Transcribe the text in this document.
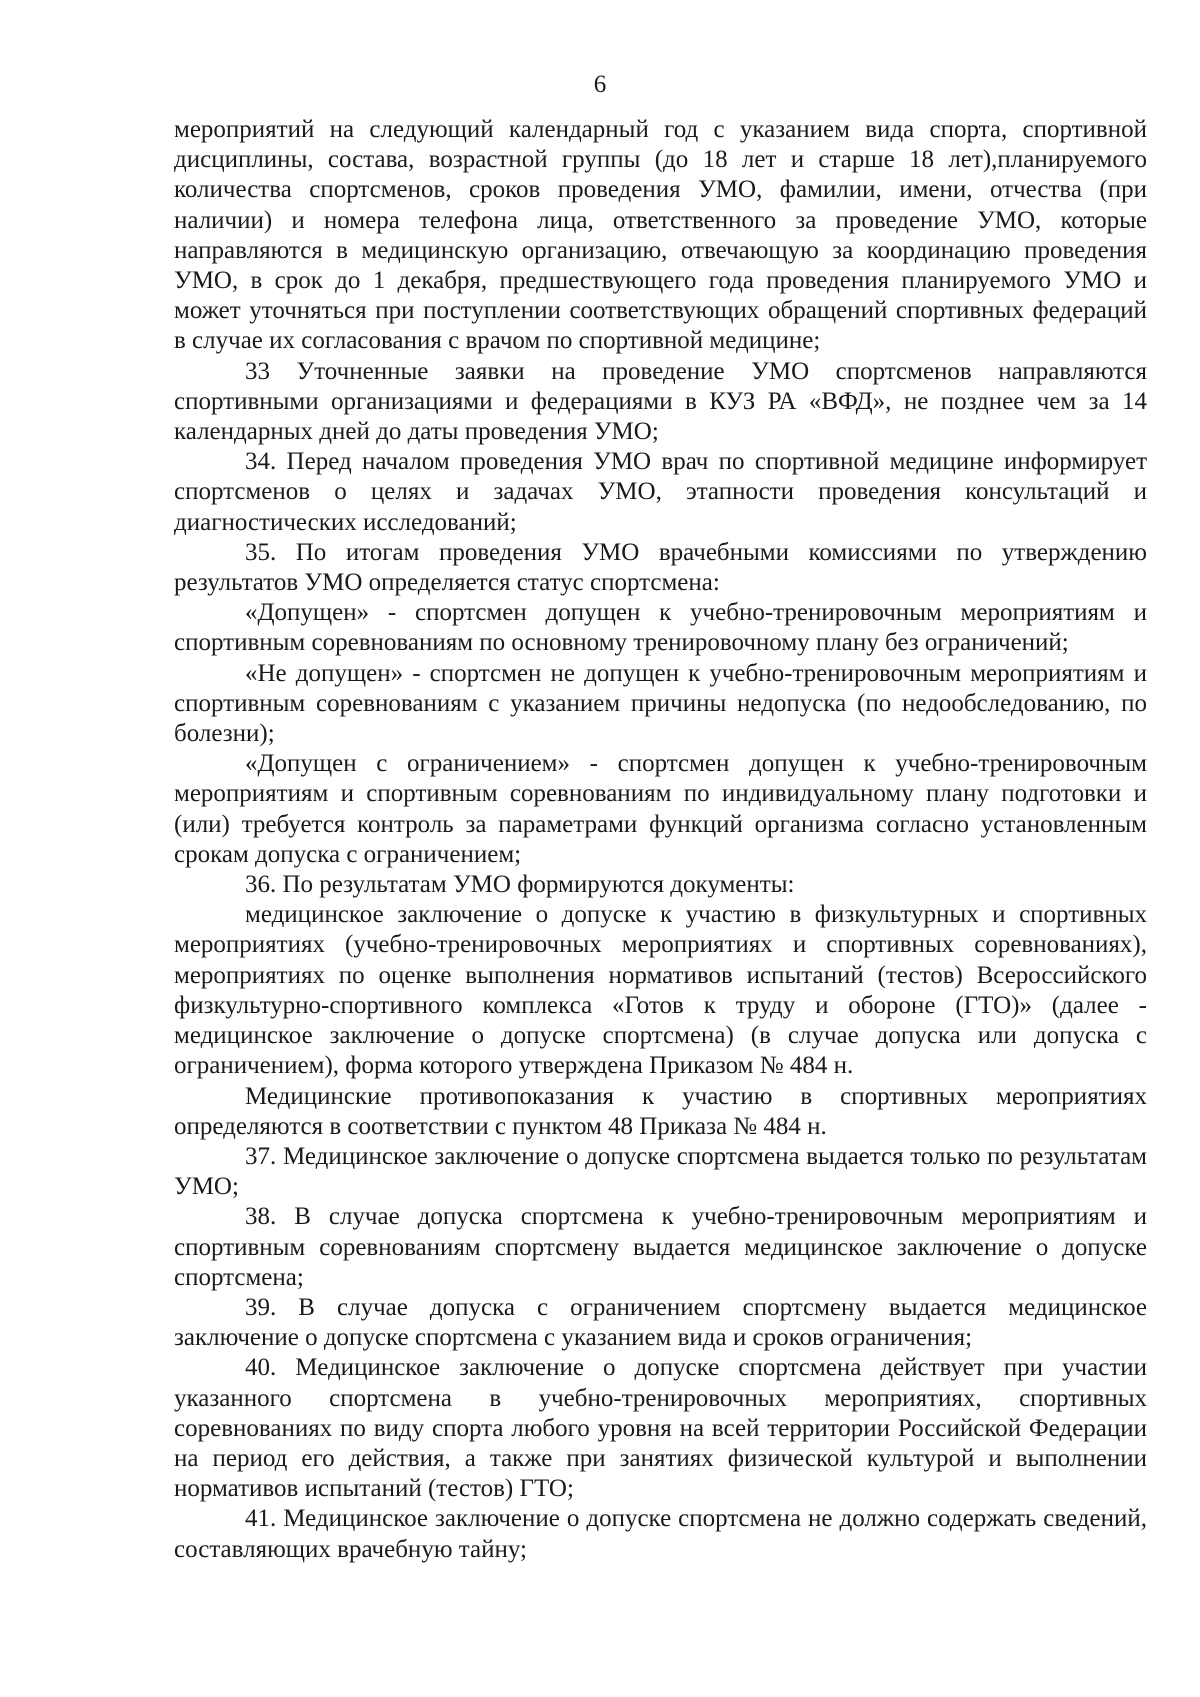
6

мероприятий на следующий календарный год с указанием вида спорта, спортивной дисциплины, состава, возрастной группы (до 18 лет и старше 18 лет),планируемого количества спортсменов, сроков проведения УМО, фамилии, имени, отчества (при наличии) и номера телефона лица, ответственного за проведение УМО, которые направляются в медицинскую организацию, отвечающую за координацию проведения УМО, в срок до 1 декабря, предшествующего года проведения планируемого УМО и может уточняться при поступлении соответствующих обращений спортивных федераций в случае их согласования с врачом по спортивной медицине;

33 Уточненные заявки на проведение УМО спортсменов направляются спортивными организациями и федерациями в КУЗ РА «ВФД», не позднее чем за 14 календарных дней до даты проведения УМО;

34. Перед началом проведения УМО врач по спортивной медицине информирует спортсменов о целях и задачах УМО, этапности проведения консультаций и диагностических исследований;

35. По итогам проведения УМО врачебными комиссиями по утверждению результатов УМО определяется статус спортсмена:

«Допущен» - спортсмен допущен к учебно-тренировочным мероприятиям и спортивным соревнованиям по основному тренировочному плану без ограничений;

«Не допущен» - спортсмен не допущен к учебно-тренировочным мероприятиям и спортивным соревнованиям с указанием причины недопуска (по недообследованию, по болезни);

«Допущен с ограничением» - спортсмен допущен к учебно-тренировочным мероприятиям и спортивным соревнованиям по индивидуальному плану подготовки и (или) требуется контроль за параметрами функций организма согласно установленным срокам допуска с ограничением;

36. По результатам УМО формируются документы:

медицинское заключение о допуске к участию в физкультурных и спортивных мероприятиях (учебно-тренировочных мероприятиях и спортивных соревнованиях), мероприятиях по оценке выполнения нормативов испытаний (тестов) Всероссийского физкультурно-спортивного комплекса «Готов к труду и обороне (ГТО)» (далее - медицинское заключение о допуске спортсмена) (в случае допуска или допуска с ограничением), форма которого утверждена Приказом № 484 н.

Медицинские противопоказания к участию в спортивных мероприятиях определяются в соответствии с пунктом 48 Приказа № 484 н.

37. Медицинское заключение о допуске спортсмена выдается только по результатам УМО;

38. В случае допуска спортсмена к учебно-тренировочным мероприятиям и спортивным соревнованиям спортсмену выдается медицинское заключение о допуске спортсмена;

39. В случае допуска с ограничением спортсмену выдается медицинское заключение о допуске спортсмена с указанием вида и сроков ограничения;

40. Медицинское заключение о допуске спортсмена действует при участии указанного спортсмена в учебно-тренировочных мероприятиях, спортивных соревнованиях по виду спорта любого уровня на всей территории Российской Федерации на период его действия, а также при занятиях физической культурой и выполнении нормативов испытаний (тестов) ГТО;

41. Медицинское заключение о допуске спортсмена не должно содержать сведений, составляющих врачебную тайну;
